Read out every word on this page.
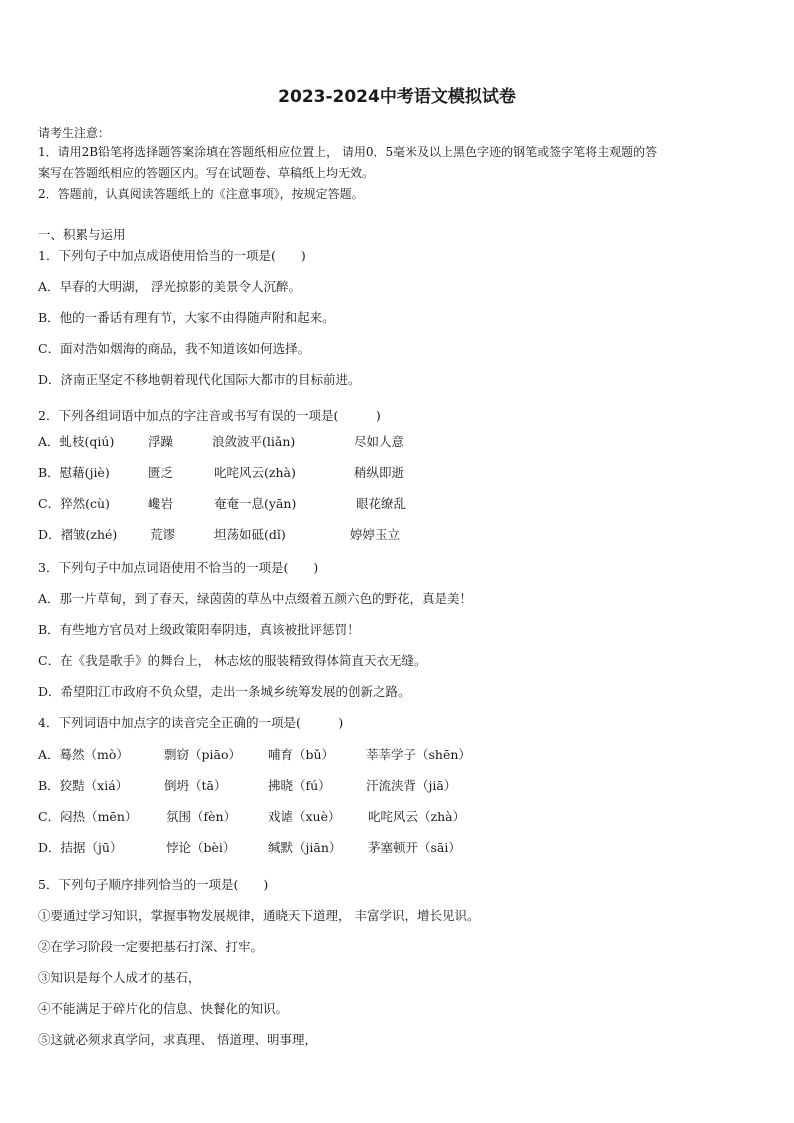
2023-2024中考语文模拟试卷
请考生注意：
1．请用2B铅笔将选择题答案涂填在答题纸相应位置上， 请用0．5毫米及以上黑色字迹的钢笔或签字笔将主观题的答
案写在答题纸相应的答题区内。写在试题卷、草稿纸上均无效。
2．答题前，认真阅读答题纸上的《注意事项》，按规定答题。
一、积累与运用
1．下列句子中加点成语使用恰当的一项是(　　)
A．早春的大明湖， 浮光掠影的美景令人沉醉。
B．他的一番话有理有节，大家不由得随声附和起来。
C．面对浩如烟海的商品，我不知道该如何选择。
D．济南正坚定不移地朝着现代化国际大都市的目标前进。
2．下列各组词语中加点的字注音或书写有误的一项是(　　　)
A．虬枝(qiú)	浮躁	浪敛波平(liǎn)	尽如人意
B．慰藉(jiè)	匮乏	叱咤风云(zhà)	稍纵即逝
C．猝然(cù)	巉岩	奄奄一息(yān)	眼花缭乱
D．褶皱(zhé)	荒谬	坦荡如砥(dǐ)	婷婷玉立
3．下列句子中加点词语使用不恰当的一项是(　　)
A．那一片草甸，到了春天，绿茵茵的草丛中点缀着五颜六色的野花，真是美！
B．有些地方官员对上级政策阳奉阴违，真该被批评惩罚！
C．在《我是歌手》的舞台上， 林志炫的服装精致得体简直天衣无缝。
D．希望阳江市政府不负众望，走出一条城乡统筹发展的创新之路。
4．下列词语中加点字的读音完全正确的一项是(　　　)
A．蓦然（mò）	剽窃（piāo） 哺育（bǔ）	莘莘学子（shēn）
B．狡黠（xiá）	倒坍（tā）	拂晓（fú）	汗流浃背（jiā）
C．闷热（mēn） 氛围（fèn）	戏谑（xuè） 叱咤风云（zhà）
D．拮据（jū）	悖论（bèi）	缄默（jiān） 茅塞顿开（sāi）
5．下列句子顺序排列恰当的一项是(　　)
①要通过学习知识，掌握事物发展规律，通晓天下道理， 丰富学识，增长见识。
②在学习阶段一定要把基石打深、打牢。
③知识是每个人成才的基石，
④不能满足于碎片化的信息、快餐化的知识。
⑤这就必须求真学问，求真理、 悟道理、明事理，
